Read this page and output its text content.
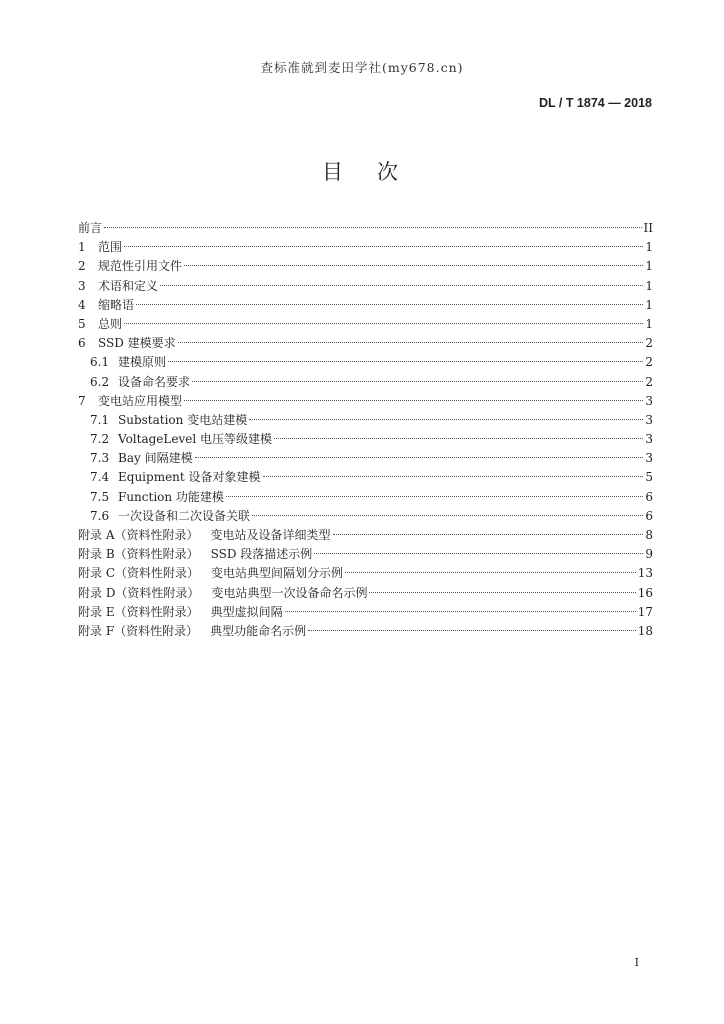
查标准就到麦田学社(my678.cn)
DL / T 1874 — 2018
目次
前言	II
1	范围	1
2	规范性引用文件	1
3	术语和定义	1
4	缩略语	1
5	总则	1
6	SSD 建模要求	2
6.1 建模原则	2
6.2 设备命名要求	2
7	变电站应用模型	3
7.1 Substation 变电站建模	3
7.2 VoltageLevel 电压等级建模	3
7.3 Bay 间隔建模	3
7.4 Equipment 设备对象建模	5
7.5 Function 功能建模	6
7.6 一次设备和二次设备关联	6
附录 A（资料性附录） 变电站及设备详细类型	8
附录 B（资料性附录） SSD 段落描述示例	9
附录 C（资料性附录） 变电站典型间隔划分示例	13
附录 D（资料性附录） 变电站典型一次设备命名示例	16
附录 E（资料性附录） 典型虚拟间隔	17
附录 F（资料性附录） 典型功能命名示例	18
I
